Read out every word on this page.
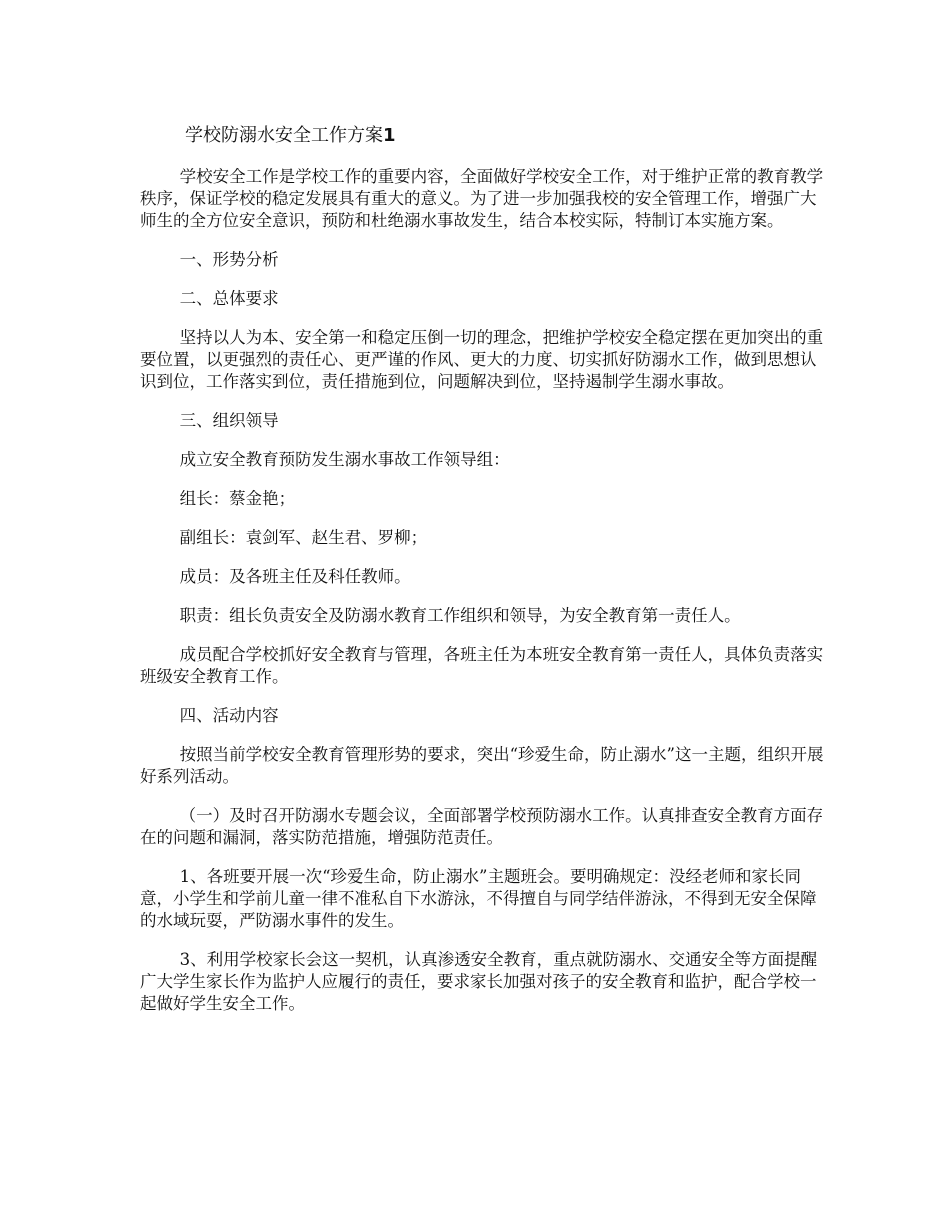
学校防溺水安全工作方案1

学校安全工作是学校工作的重要内容，全面做好学校安全工作，对于维护正常的教育教学秩序，保证学校的稳定发展具有重大的意义。为了进一步加强我校的安全管理工作，增强广大师生的全方位安全意识，预防和杜绝溺水事故发生，结合本校实际，特制订本实施方案。

一、形势分析

二、总体要求

坚持以人为本、安全第一和稳定压倒一切的理念，把维护学校安全稳定摆在更加突出的重要位置，以更强烈的责任心、更严谨的作风、更大的力度、切实抓好防溺水工作，做到思想认识到位，工作落实到位，责任措施到位，问题解决到位，坚持遏制学生溺水事故。

三、组织领导

成立安全教育预防发生溺水事故工作领导组：

组长：蔡金艳；

副组长：袁剑军、赵生君、罗柳；

成员：及各班主任及科任教师。

职责：组长负责安全及防溺水教育工作组织和领导，为安全教育第一责任人。

成员配合学校抓好安全教育与管理，各班主任为本班安全教育第一责任人，具体负责落实班级安全教育工作。

四、活动内容

按照当前学校安全教育管理形势的要求，突出“珍爱生命，防止溺水”这一主题，组织开展好系列活动。

（一）及时召开防溺水专题会议，全面部署学校预防溺水工作。认真排查安全教育方面存在的问题和漏洞，落实防范措施，增强防范责任。

1、各班要开展一次“珍爱生命，防止溺水”主题班会。要明确规定：没经老师和家长同意，小学生和学前儿童一律不准私自下水游泳，不得擅自与同学结伴游泳，不得到无安全保障的水域玩耍，严防溺水事件的发生。

3、利用学校家长会这一契机，认真渗透安全教育，重点就防溺水、交通安全等方面提醒广大学生家长作为监护人应履行的责任，要求家长加强对孩子的安全教育和监护，配合学校一起做好学生安全工作。
